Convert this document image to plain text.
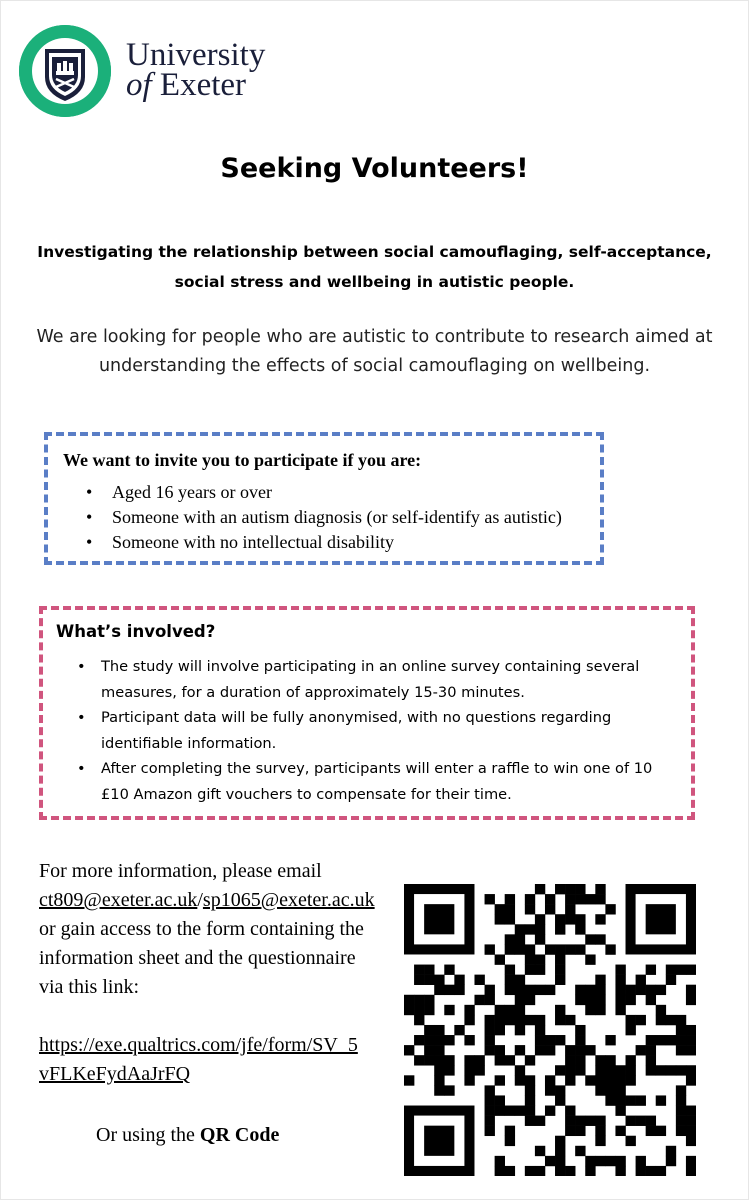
University
of Exeter
Seeking Volunteers!
Investigating the relationship between social camouflaging, self-acceptance, social stress and wellbeing in autistic people.
We are looking for people who are autistic to contribute to research aimed at understanding the effects of social camouflaging on wellbeing.
We want to invite you to participate if you are:
• Aged 16 years or over
• Someone with an autism diagnosis (or self-identify as autistic)
• Someone with no intellectual disability
What’s involved?
• The study will involve participating in an online survey containing several measures, for a duration of approximately 15-30 minutes.
• Participant data will be fully anonymised, with no questions regarding identifiable information.
• After completing the survey, participants will enter a raffle to win one of 10 £10 Amazon gift vouchers to compensate for their time.
For more information, please email ct809@exeter.ac.uk/sp1065@exeter.ac.uk or gain access to the form containing the information sheet and the questionnaire via this link:
https://exe.qualtrics.com/jfe/form/SV_5vFLKeFydAaJrFQ
Or using the QR Code
